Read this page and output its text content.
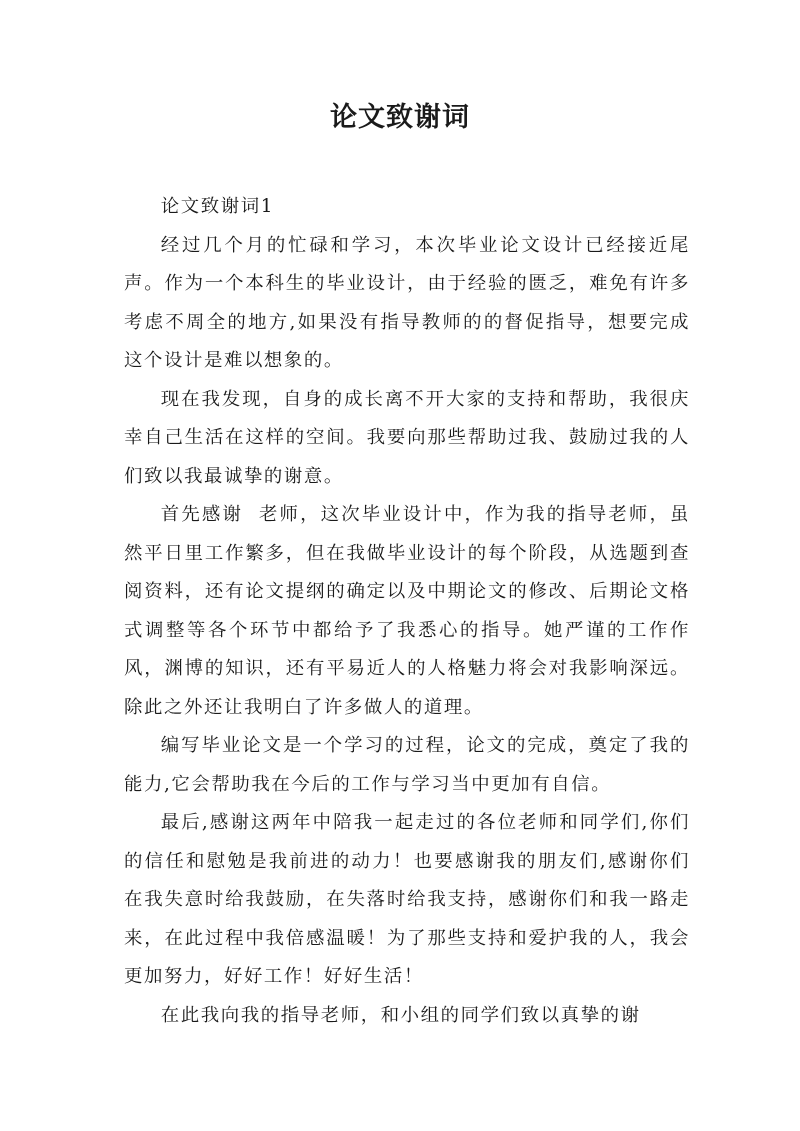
论文致谢词

论文致谢词1

经过几个月的忙碌和学习，本次毕业论文设计已经接近尾声。作为一个本科生的毕业设计，由于经验的匮乏，难免有许多考虑不周全的地方,如果没有指导教师的的督促指导，想要完成这个设计是难以想象的。

现在我发现，自身的成长离不开大家的支持和帮助，我很庆幸自己生活在这样的空间。我要向那些帮助过我、鼓励过我的人们致以我最诚挚的谢意。

首先感谢  老师，这次毕业设计中，作为我的指导老师，虽然平日里工作繁多，但在我做毕业设计的每个阶段，从选题到查阅资料，还有论文提纲的确定以及中期论文的修改、后期论文格式调整等各个环节中都给予了我悉心的指导。她严谨的工作作风，渊博的知识，还有平易近人的人格魅力将会对我影响深远。除此之外还让我明白了许多做人的道理。

编写毕业论文是一个学习的过程，论文的完成，奠定了我的能力,它会帮助我在今后的工作与学习当中更加有自信。

最后,感谢这两年中陪我一起走过的各位老师和同学们,你们的信任和慰勉是我前进的动力！也要感谢我的朋友们,感谢你们在我失意时给我鼓励，在失落时给我支持，感谢你们和我一路走来，在此过程中我倍感温暖！为了那些支持和爱护我的人，我会更加努力，好好工作！好好生活！

在此我向我的指导老师，和小组的同学们致以真挚的谢
